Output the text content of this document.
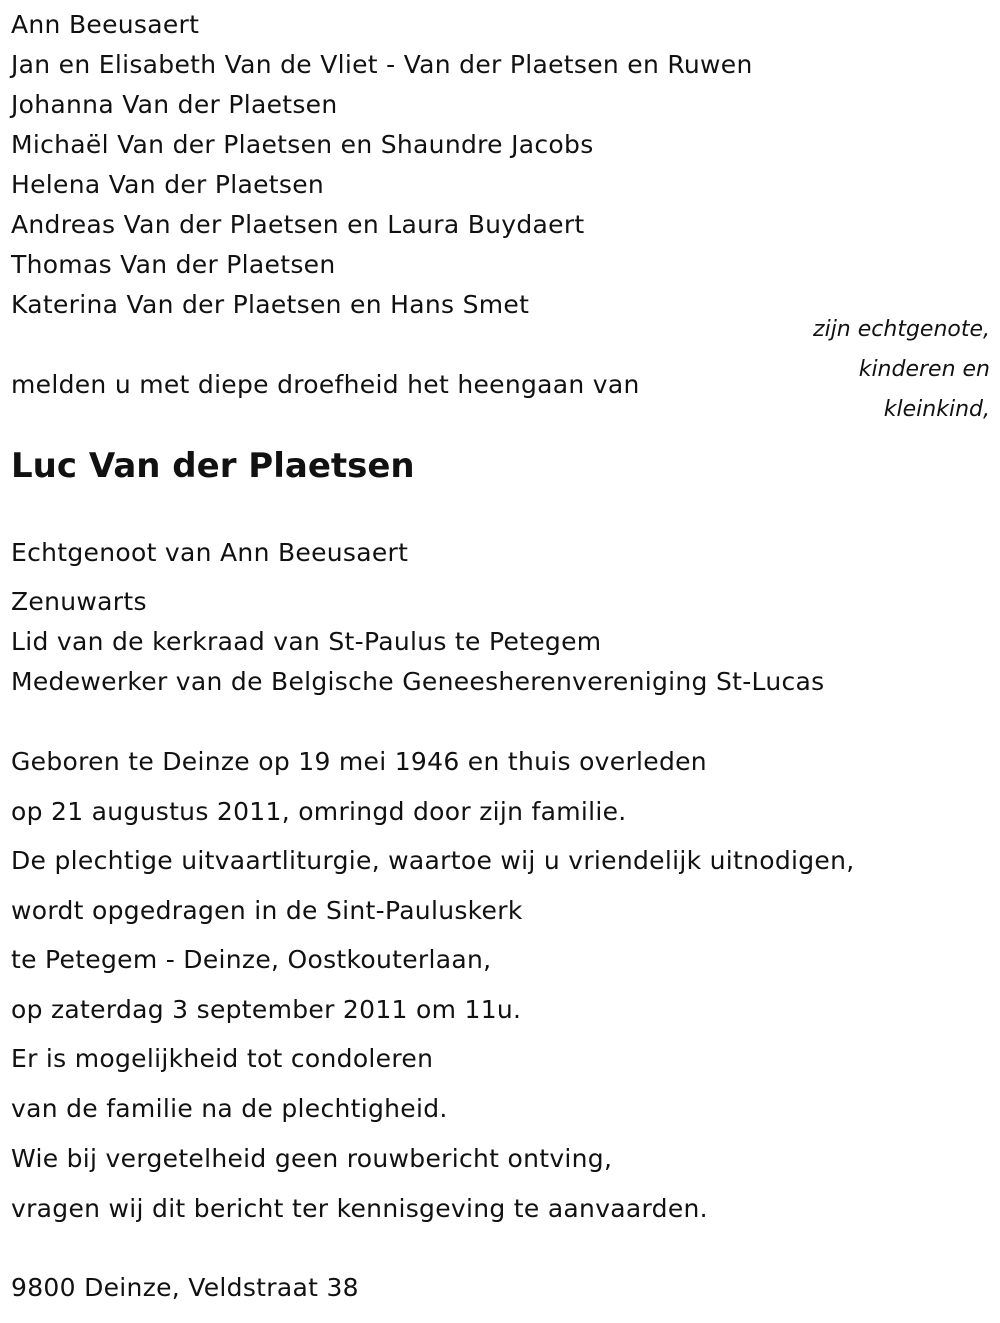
Ann Beeusaert
Jan en Elisabeth Van de Vliet - Van der Plaetsen en Ruwen
Johanna Van der Plaetsen
Michaël Van der Plaetsen en Shaundre Jacobs
Helena Van der Plaetsen
Andreas Van der Plaetsen en Laura Buydaert
Thomas Van der Plaetsen
Katerina Van der Plaetsen en Hans Smet
zijn echtgenote,
kinderen en
kleinkind,
melden u met diepe droefheid het heengaan van
Luc Van der Plaetsen
Echtgenoot van Ann Beeusaert
Zenuwarts
Lid van de kerkraad van St-Paulus te Petegem
Medewerker van de Belgische Geneesherenvereniging St-Lucas
Geboren te Deinze op 19 mei 1946 en thuis overleden
op 21 augustus 2011, omringd door zijn familie.
De plechtige uitvaartliturgie, waartoe wij u vriendelijk uitnodigen,
wordt opgedragen in de Sint-Pauluskerk
te Petegem - Deinze, Oostkouterlaan,
op zaterdag 3 september 2011 om 11u.
Er is mogelijkheid tot condoleren
van de familie na de plechtigheid.
Wie bij vergetelheid geen rouwbericht ontving,
vragen wij dit bericht ter kennisgeving te aanvaarden.
9800 Deinze, Veldstraat 38
